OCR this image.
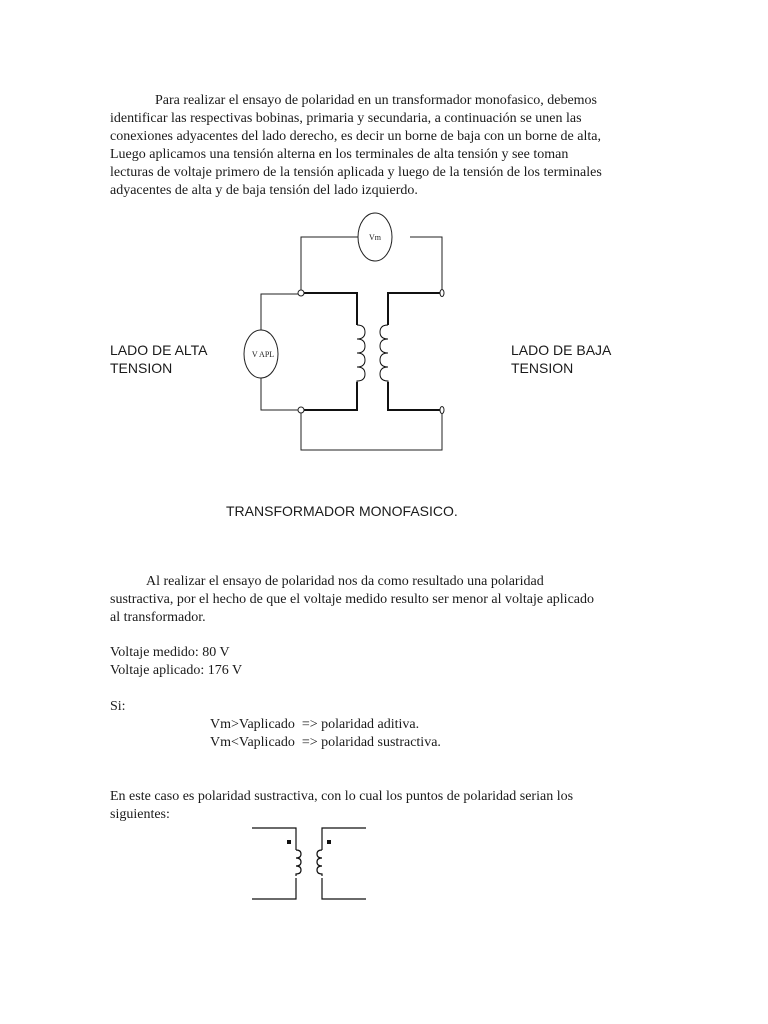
Para realizar el ensayo de polaridad en un transformador monofasico, debemos

identificar las respectivas bobinas, primaria y secundaria, a continuación se unen las

conexiones adyacentes del lado derecho, es decir un borne de baja con un borne de alta,

Luego aplicamos una tensión alterna en los terminales de alta tensión y see toman

lecturas de voltaje primero de la tensión aplicada y luego de la tensión de los terminales

adyacentes de alta y de baja tensión del lado izquierdo.

Vm
V APL
LADO DE ALTA
TENSION
LADO DE BAJA
TENSION
TRANSFORMADOR MONOFASICO.

Al realizar el ensayo de polaridad nos da como resultado una polaridad

sustractiva, por el hecho de que el voltaje medido resulto ser menor al voltaje aplicado

al transformador.

Voltaje medido: 80 V

Voltaje aplicado: 176 V

Si:

Vm>Vaplicado  => polaridad aditiva.

Vm<Vaplicado  => polaridad sustractiva.

En este caso es polaridad sustractiva, con lo cual los puntos de polaridad serian los

siguientes:
